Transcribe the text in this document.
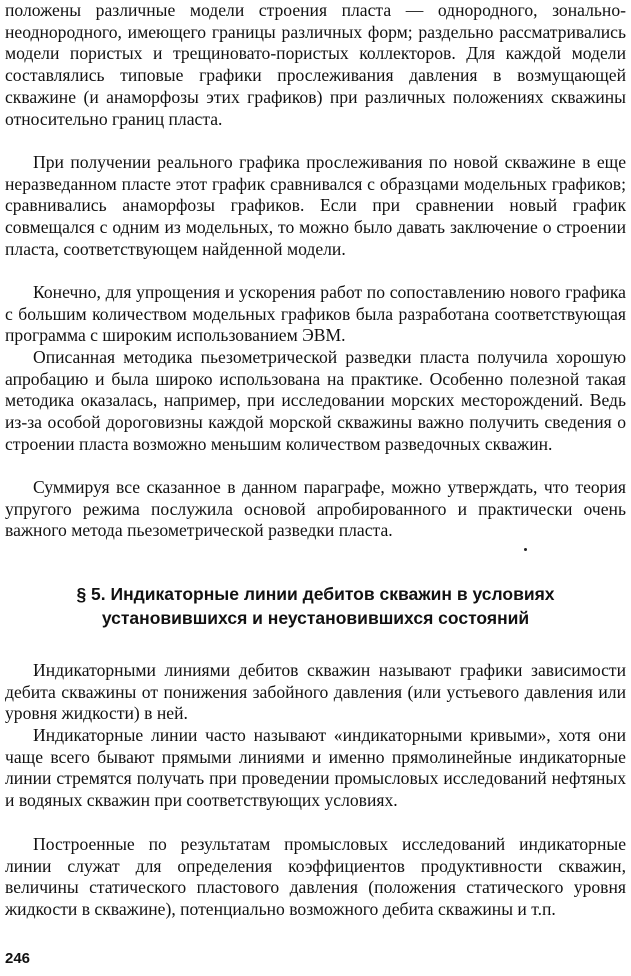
положены различные модели строения пласта — однородного, зонально-неоднородного, имеющего границы различных форм; раздельно рассматривались модели пористых и трещиновато-пористых коллекторов. Для каждой модели составлялись типовые графики прослеживания давления в возмущающей скважине (и анаморфозы этих графиков) при различных положениях скважины относительно границ пласта.

При получении реального графика прослеживания по новой скважине в еще неразведанном пласте этот график сравнивался с образцами модельных графиков; сравнивались анаморфозы графиков. Если при сравнении новый график совмещался с одним из модельных, то можно было давать заключение о строении пласта, соответствующем найденной модели.

Конечно, для упрощения и ускорения работ по сопоставлению нового графика с большим количеством модельных графиков была разработана соответствующая программа с широким использованием ЭВМ.

Описанная методика пьезометрической разведки пласта получила хорошую апробацию и была широко использована на практике. Особенно полезной такая методика оказалась, например, при исследовании морских месторождений. Ведь из-за особой дороговизны каждой морской скважины важно получить сведения о строении пласта возможно меньшим количеством разведочных скважин.

Суммируя все сказанное в данном параграфе, можно утверждать, что теория упругого режима послужила основой апробированного и практически очень важного метода пьезометрической разведки пласта.

§ 5. Индикаторные линии дебитов скважин в условиях
установившихся и неустановившихся состояний

Индикаторными линиями дебитов скважин называют графики зависимости дебита скважины от понижения забойного давления (или устьевого давления или уровня жидкости) в ней.

Индикаторные линии часто называют «индикаторными кривыми», хотя они чаще всего бывают прямыми линиями и именно прямолинейные индикаторные линии стремятся получать при проведении промысловых исследований нефтяных и водяных скважин при соответствующих условиях.

Построенные по результатам промысловых исследований индикаторные линии служат для определения коэффициентов продуктивности скважин, величины статического пластового давления (положения статического уровня жидкости в скважине), потенциально возможного дебита скважины и т.п.

246
